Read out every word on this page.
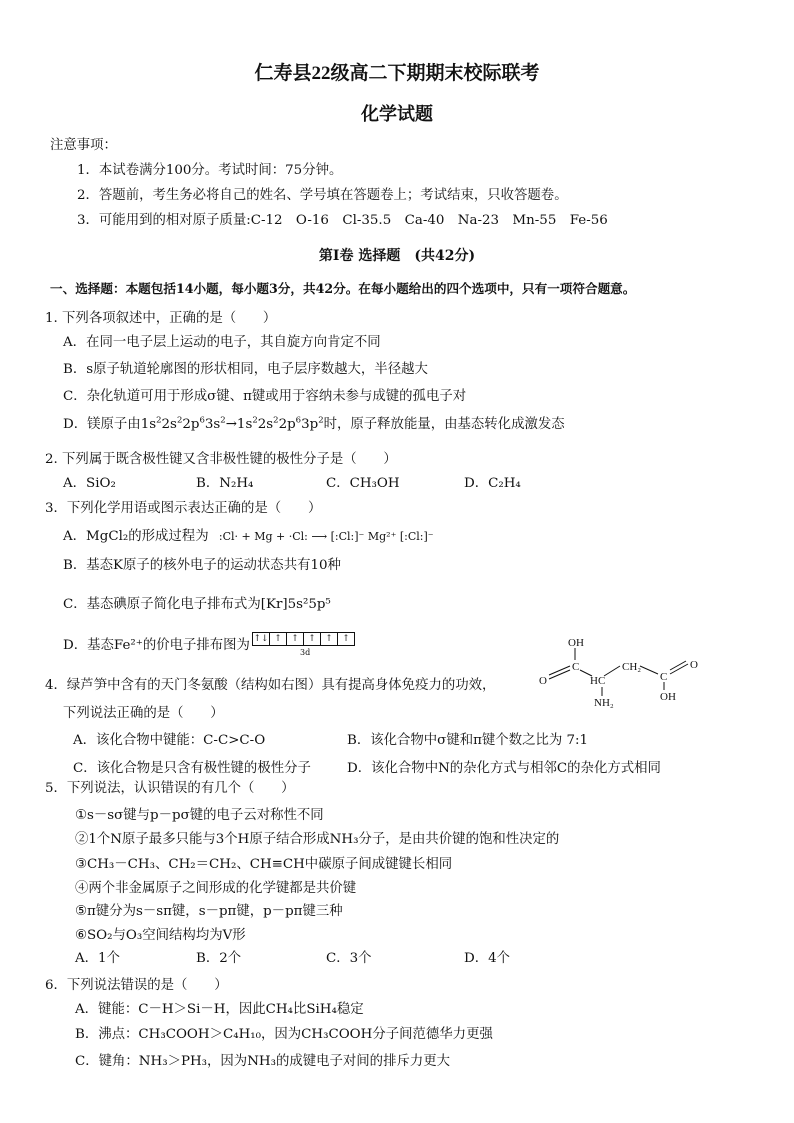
仁寿县22级高二下期期末校际联考
化学试题
注意事项：
1．本试卷满分100分。考试时间：75分钟。
2．答题前，考生务必将自己的姓名、学号填在答题卷上；考试结束，只收答题卷。
3．可能用到的相对原子质量:C-12　O-16　Cl-35.5　Ca-40　Na-23　Mn-55　Fe-56
第Ⅰ卷 选择题　(共42分)
一、选择题：本题包括14小题，每小题3分，共42分。在每小题给出的四个选项中，只有一项符合题意。
1. 下列各项叙述中，正确的是（　　）
A．在同一电子层上运动的电子，其自旋方向肯定不同
B．s原子轨道轮廓图的形状相同，电子层序数越大，半径越大
C．杂化轨道可用于形成σ键、π键或用于容纳未参与成键的孤电子对
D．镁原子由$1s^22s^22p^63s^2\to 1s^22s^22p^63p^2$时，原子释放能量，由基态转化成激发态
2. 下列属于既含极性键又含非极性键的极性分子是（　　）
A．SiO₂	B．N₂H₄	C．CH₃OH	D．C₂H₄
3．下列化学用语或图示表达正确的是（　　）
A．MgCl₂的形成过程为 :Cl· + Mg + ·Cl: ⟶ [:Cl:]⁻ Mg²⁺ [:Cl:]⁻
B．基态K原子的核外电子的运动状态共有10种
C．基态碘原子简化电子排布式为[Kr]5s²5p⁵
D．基态Fe²⁺的价电子排布图为 ↑↓ ↑	↑	↑	↑	↑
3d
OH
O
C
HC
CH₂
NH₂
C
O
OH
4．绿芦笋中含有的天门冬氨酸（结构如右图）具有提高身体免疫力的功效，
下列说法正确的是（　　）
A．该化合物中键能：C-C>C-O	B．该化合物中σ键和π键个数之比为 7:1
C．该化合物是只含有极性键的极性分子	D．该化合物中N的杂化方式与相邻C的杂化方式相同
5．下列说法，认识错误的有几个（　　）
①s－sσ键与p－pσ键的电子云对称性不同
②1个N原子最多只能与3个H原子结合形成NH₃分子，是由共价键的饱和性决定的
③CH₃－CH₃、CH₂＝CH₂、CH≡CH中碳原子间成键键长相同
④两个非金属原子之间形成的化学键都是共价键
⑤π键分为s－sπ键，s－pπ键，p－pπ键三种
⑥SO₂与O₃空间结构均为V形
A．1个	B．2个	C．3个	D．4个
6．下列说法错误的是（　　）
A．键能：C－H＞Si－H，因此CH₄比SiH₄稳定
B．沸点：CH₃COOH＞C₄H₁₀，因为CH₃COOH分子间范德华力更强
C．键角：NH₃＞PH₃，因为NH₃的成键电子对间的排斥力更大
